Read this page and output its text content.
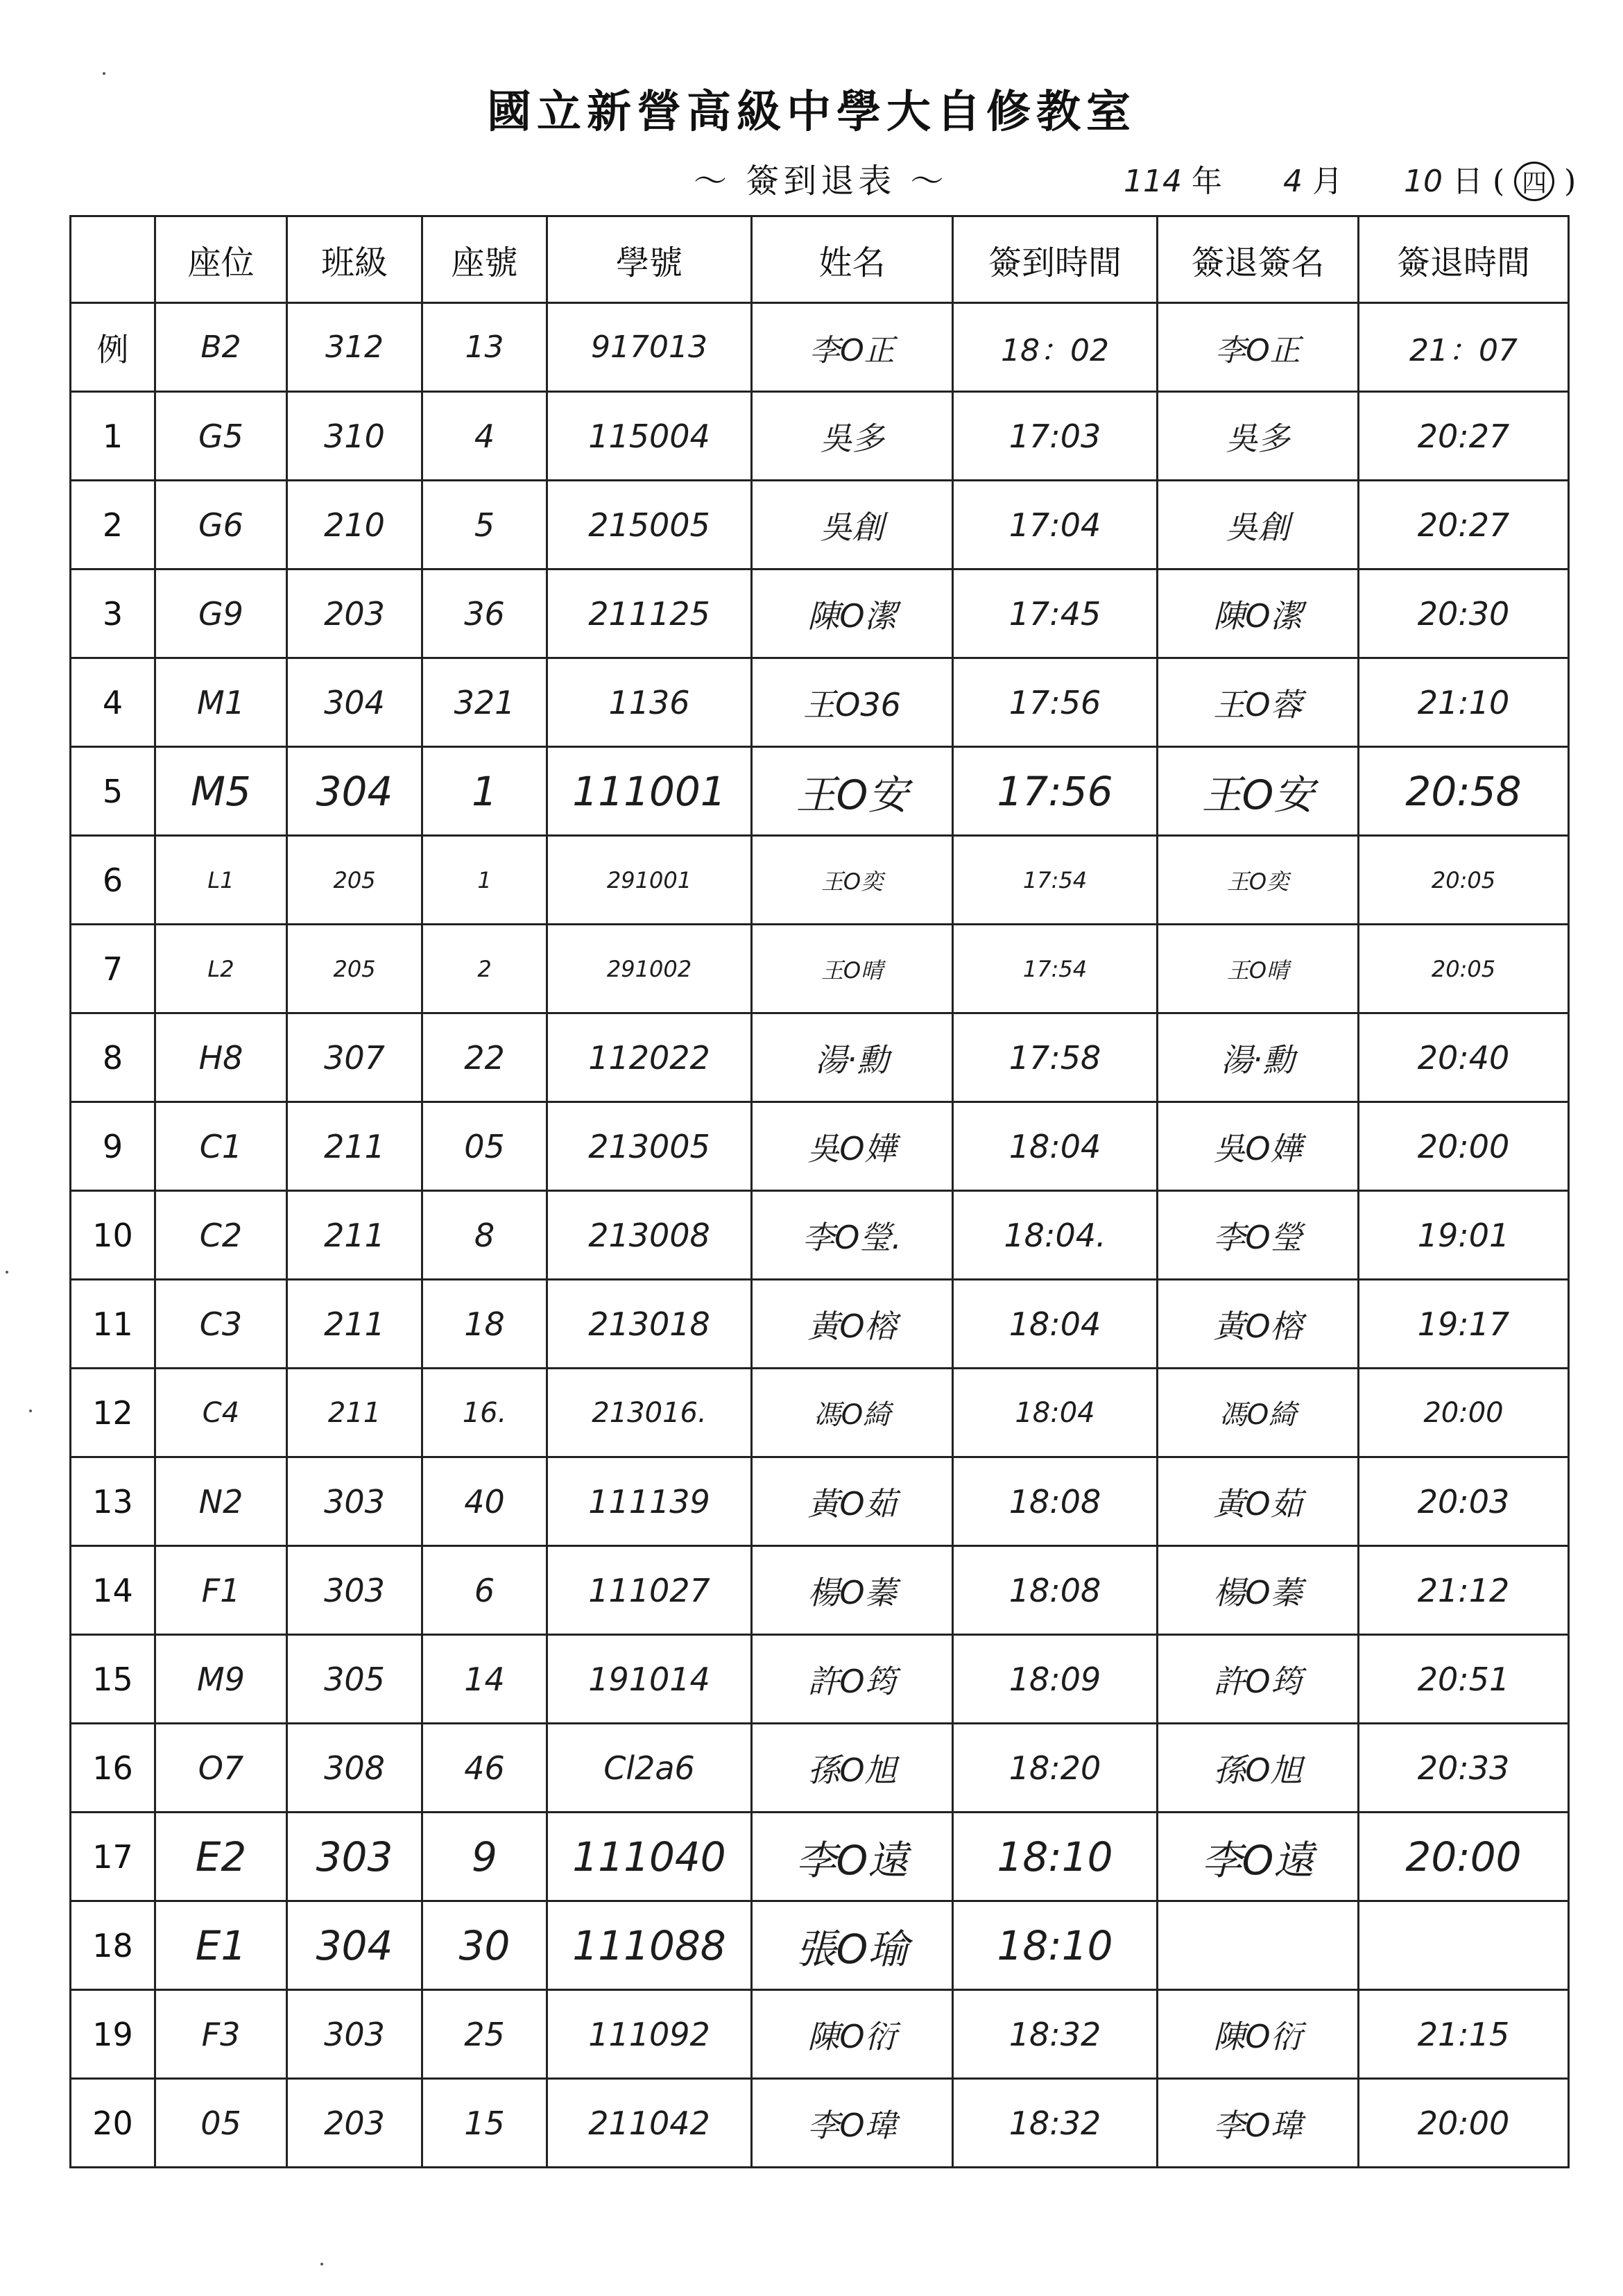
國立新營高級中學大自修教室
～ 簽到退表 ～	114 年 4 月 10 日 ( 四 )
	座位	班級	座號	學號	姓名	簽到時間	簽退簽名	簽退時間
例	B2	312	13	917013	李O正	18：02	李O正	21：07
1	G5	310	4	115004	吳多	17:03	吳多	20:27
2	G6	210	5	215005	吳創	17:04	吳創	20:27
3	G9	203	36	211125	陳O潔	17:45	陳O潔	20:30
4	M1	304	321	1136	王O36	17:56	王O蓉	21:10
5	M5	304	1	111001	王O安	17:56	王O安	20:58
6	L1	205	1	291001	王O奕	17:54	王O奕	20:05
7	L2	205	2	291002	王O晴	17:54	王O晴	20:05
8	H8	307	22	112022	湯‧勳	17:58	湯‧勳	20:40
9	C1	211	05	213005	吳O嬅	18:04	吳O嬅	20:00
10	C2	211	8	213008	李O瑩.	18:04.	李O瑩	19:01
11	C3	211	18	213018	黃O榕	18:04	黃O榕	19:17
12	C4	211	16.	213016.	馮O綺	18:04	馮O綺	20:00
13	N2	303	40	111139	黃O茹	18:08	黃O茹	20:03
14	F1	303	6	111027	楊O蓁	18:08	楊O蓁	21:12
15	M9	305	14	191014	許O筠	18:09	許O筠	20:51
16	O7	308	46	Cl2a6	孫O旭	18:20	孫O旭	20:33
17	E2	303	9	111040	李O遠	18:10	李O遠	20:00
18	E1	304	30	111088	張O瑜	18:10		
19	F3	303	25	111092	陳O衍	18:32	陳O衍	21:15
20	05	203	15	211042	李O瑋	18:32	李O瑋	20:00
